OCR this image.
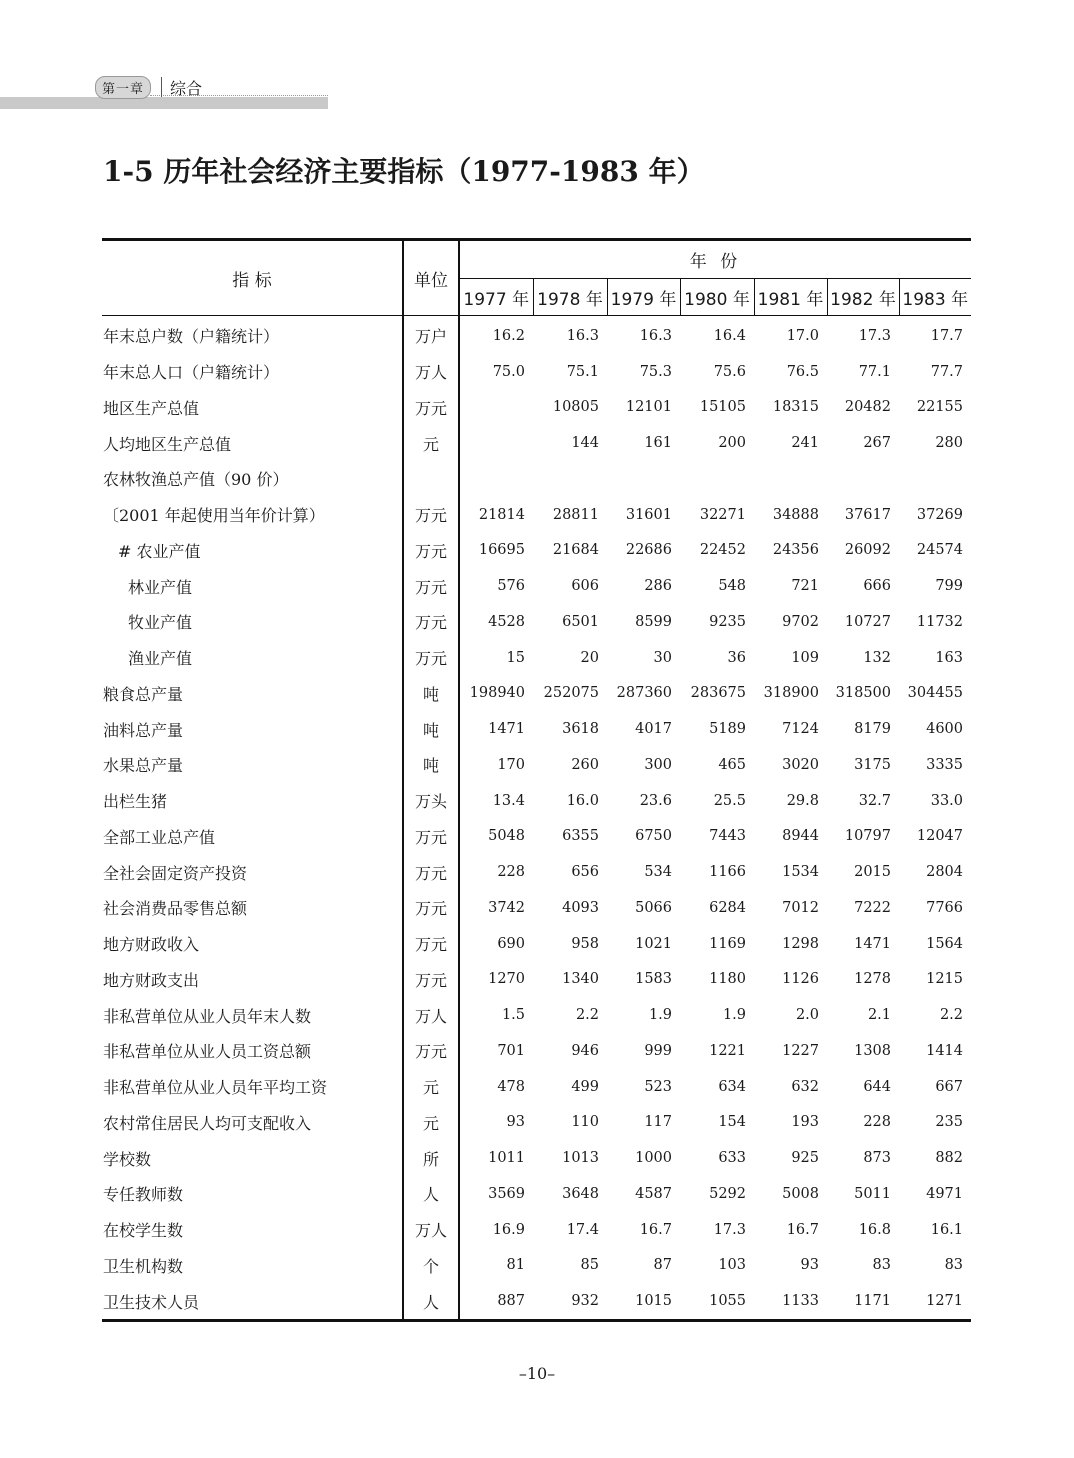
第一章	综合
1-5 历年社会经济主要指标（1977-1983 年）
指 标	单位	年 份						
		1977 年	1978 年	1979 年	1980 年	1981 年	1982 年	1983 年
年末总户数（户籍统计）	万户	16.2	16.3	16.3	16.4	17.0	17.3	17.7
年末总人口（户籍统计）	万人	75.0	75.1	75.3	75.6	76.5	77.1	77.7
地区生产总值	万元		10805	12101	15105	18315	20482	22155
人均地区生产总值	元		144	161	200	241	267	280
农林牧渔总产值（90 价）								
〔2001 年起使用当年价计算）	万元	21814	28811	31601	32271	34888	37617	37269
# 农业产值	万元	16695	21684	22686	22452	24356	26092	24574
林业产值	万元	576	606	286	548	721	666	799
牧业产值	万元	4528	6501	8599	9235	9702	10727	11732
渔业产值	万元	15	20	30	36	109	132	163
粮食总产量	吨	198940	252075	287360	283675	318900	318500	304455
油料总产量	吨	1471	3618	4017	5189	7124	8179	4600
水果总产量	吨	170	260	300	465	3020	3175	3335
出栏生猪	万头	13.4	16.0	23.6	25.5	29.8	32.7	33.0
全部工业总产值	万元	5048	6355	6750	7443	8944	10797	12047
全社会固定资产投资	万元	228	656	534	1166	1534	2015	2804
社会消费品零售总额	万元	3742	4093	5066	6284	7012	7222	7766
地方财政收入	万元	690	958	1021	1169	1298	1471	1564
地方财政支出	万元	1270	1340	1583	1180	1126	1278	1215
非私营单位从业人员年末人数	万人	1.5	2.2	1.9	1.9	2.0	2.1	2.2
非私营单位从业人员工资总额	万元	701	946	999	1221	1227	1308	1414
非私营单位从业人员年平均工资	元	478	499	523	634	632	644	667
农村常住居民人均可支配收入	元	93	110	117	154	193	228	235
学校数	所	1011	1013	1000	633	925	873	882
专任教师数	人	3569	3648	4587	5292	5008	5011	4971
在校学生数	万人	16.9	17.4	16.7	17.3	16.7	16.8	16.1
卫生机构数	个	81	85	87	103	93	83	83
卫生技术人员	人	887	932	1015	1055	1133	1171	1271
–10–
